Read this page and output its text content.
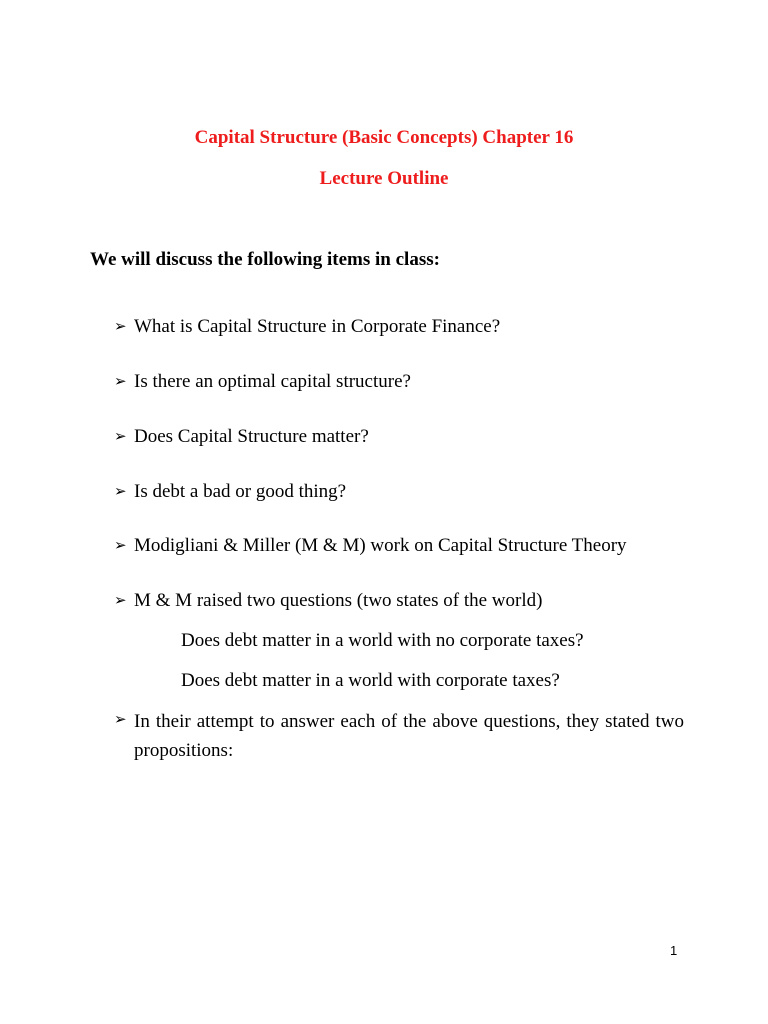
Capital Structure (Basic Concepts) Chapter 16
Lecture Outline
We will discuss the following items in class:
➢ What is Capital Structure in Corporate Finance?
➢ Is there an optimal capital structure?
➢ Does Capital Structure matter?
➢ Is debt a bad or good thing?
➢ Modigliani & Miller (M & M) work on Capital Structure Theory
➢ M & M raised two questions (two states of the world)
Does debt matter in a world with no corporate taxes?
Does debt matter in a world with corporate taxes?
➢ In their attempt to answer each of the above questions, they stated two propositions:
1
